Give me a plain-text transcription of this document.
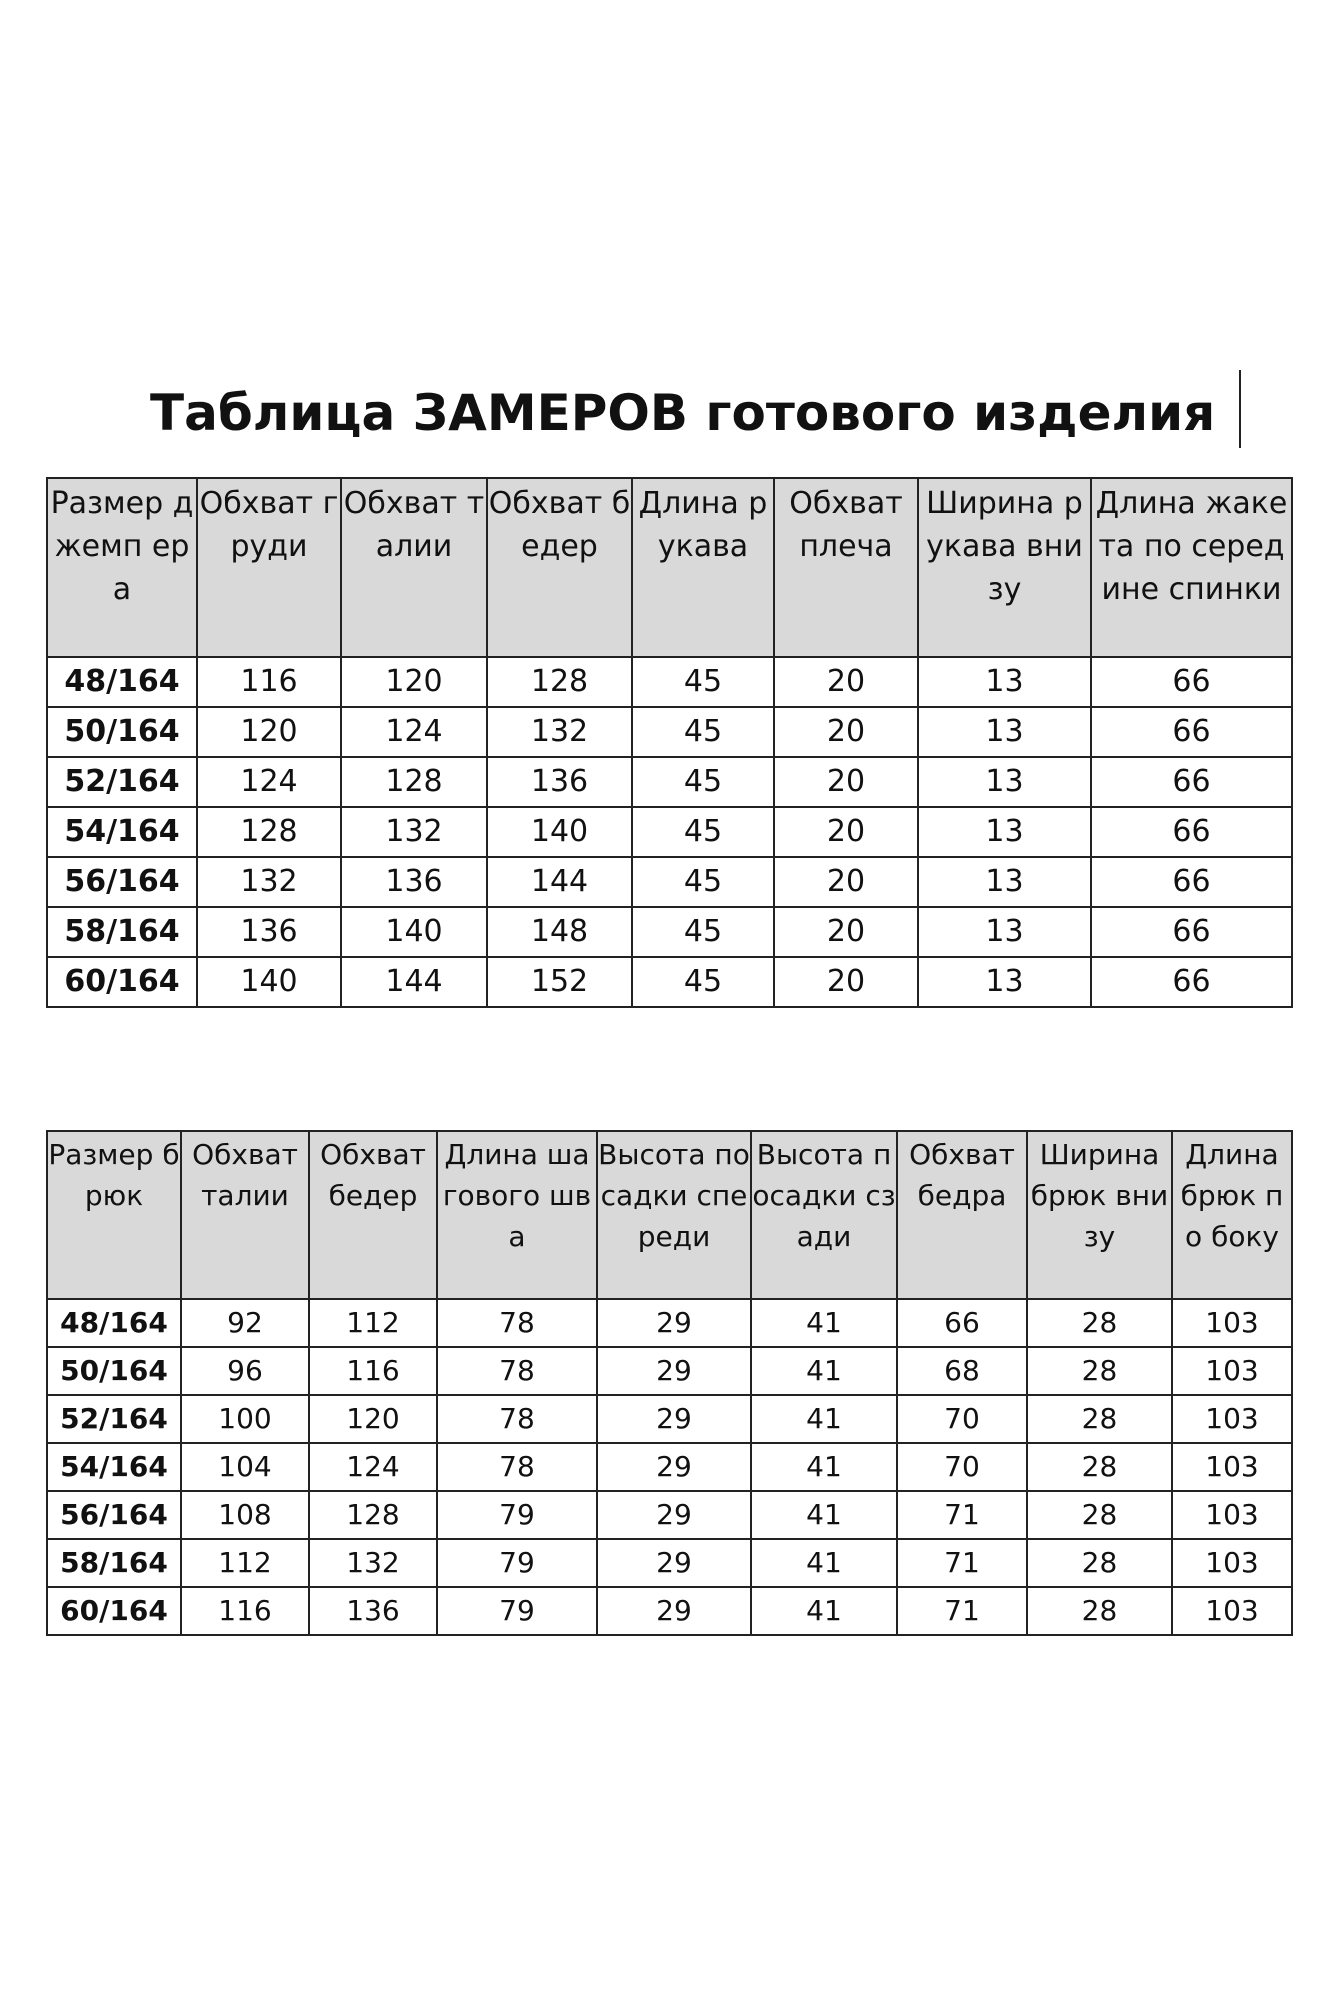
Таблица ЗАМЕРОВ готового изделия
Размер джемп ера	Обхват груди	Обхват талии	Обхват бедер	Длина рукава	Обхват плеча	Ширина рукава внизу	Длина жакета по середине спинки
48/164	116	120	128	45	20	13	66
50/164	120	124	132	45	20	13	66
52/164	124	128	136	45	20	13	66
54/164	128	132	140	45	20	13	66
56/164	132	136	144	45	20	13	66
58/164	136	140	148	45	20	13	66
60/164	140	144	152	45	20	13	66
Размер брюк	Обхват талии	Обхват бедер	Длина шагового шва	Высота посадки спереди	Высота посадки сзади	Обхват бедра	Ширина брюк внизу	Длина брюк по боку
48/164	92	112	78	29	41	66	28	103
50/164	96	116	78	29	41	68	28	103
52/164	100	120	78	29	41	70	28	103
54/164	104	124	78	29	41	70	28	103
56/164	108	128	79	29	41	71	28	103
58/164	112	132	79	29	41	71	28	103
60/164	116	136	79	29	41	71	28	103
